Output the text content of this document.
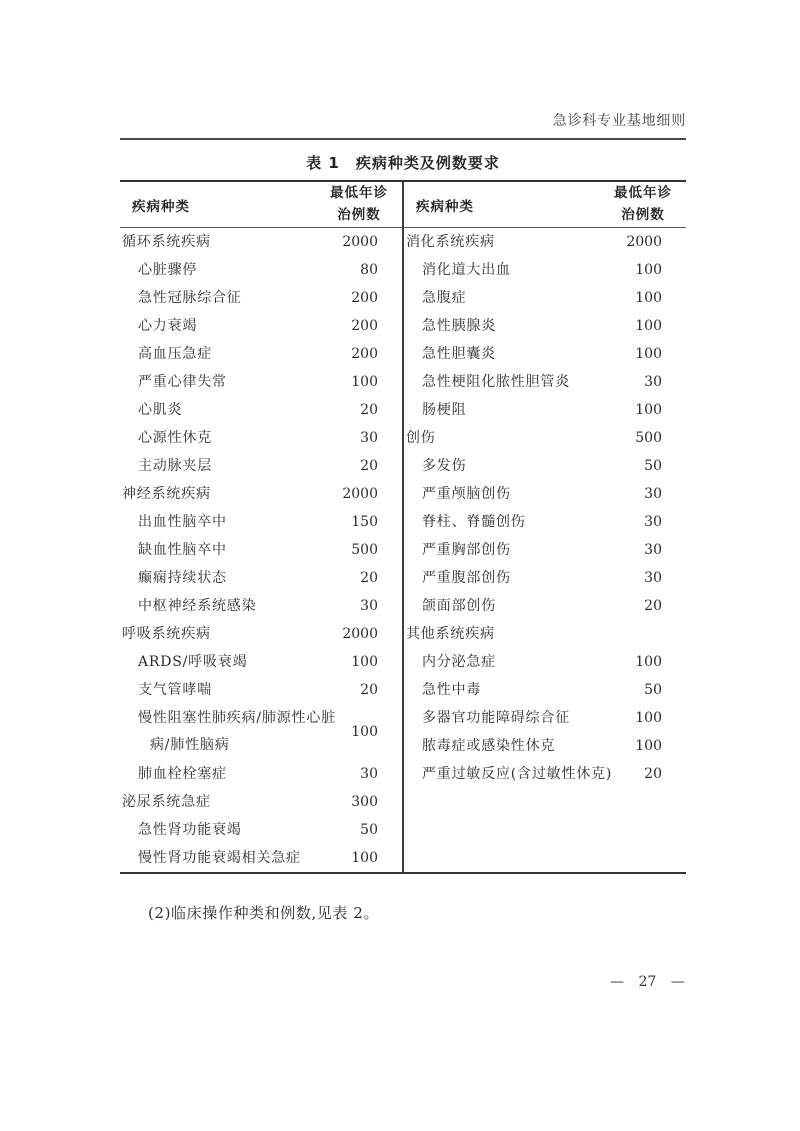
急诊科专业基地细则
表 1　疾病种类及例数要求
疾病种类
最低年诊
治例数
循环系统疾病	2000
心脏骤停	80
急性冠脉综合征	200
心力衰竭	200
高血压急症	200
严重心律失常	100
心肌炎	20
心源性休克	30
主动脉夹层	20
神经系统疾病	2000
出血性脑卒中	150
缺血性脑卒中	500
癫痫持续状态	20
中枢神经系统感染	30
呼吸系统疾病	2000
ARDS/呼吸衰竭	100
支气管哮喘	20
慢性阻塞性肺疾病/肺源性心脏
病/肺性脑病
100
肺血栓栓塞症	30
泌尿系统急症	300
急性肾功能衰竭	50
慢性肾功能衰竭相关急症	100
疾病种类
最低年诊
治例数
消化系统疾病	2000
消化道大出血	100
急腹症	100
急性胰腺炎	100
急性胆囊炎	100
急性梗阻化脓性胆管炎	30
肠梗阻	100
创伤	500
多发伤	50
严重颅脑创伤	30
脊柱、脊髓创伤	30
严重胸部创伤	30
严重腹部创伤	30
颌面部创伤	20
其他系统疾病
内分泌急症	100
急性中毒	50
多器官功能障碍综合征	100
脓毒症或感染性休克	100
严重过敏反应(含过敏性休克) 20
(2)临床操作种类和例数,见表 2。
— 27 —
